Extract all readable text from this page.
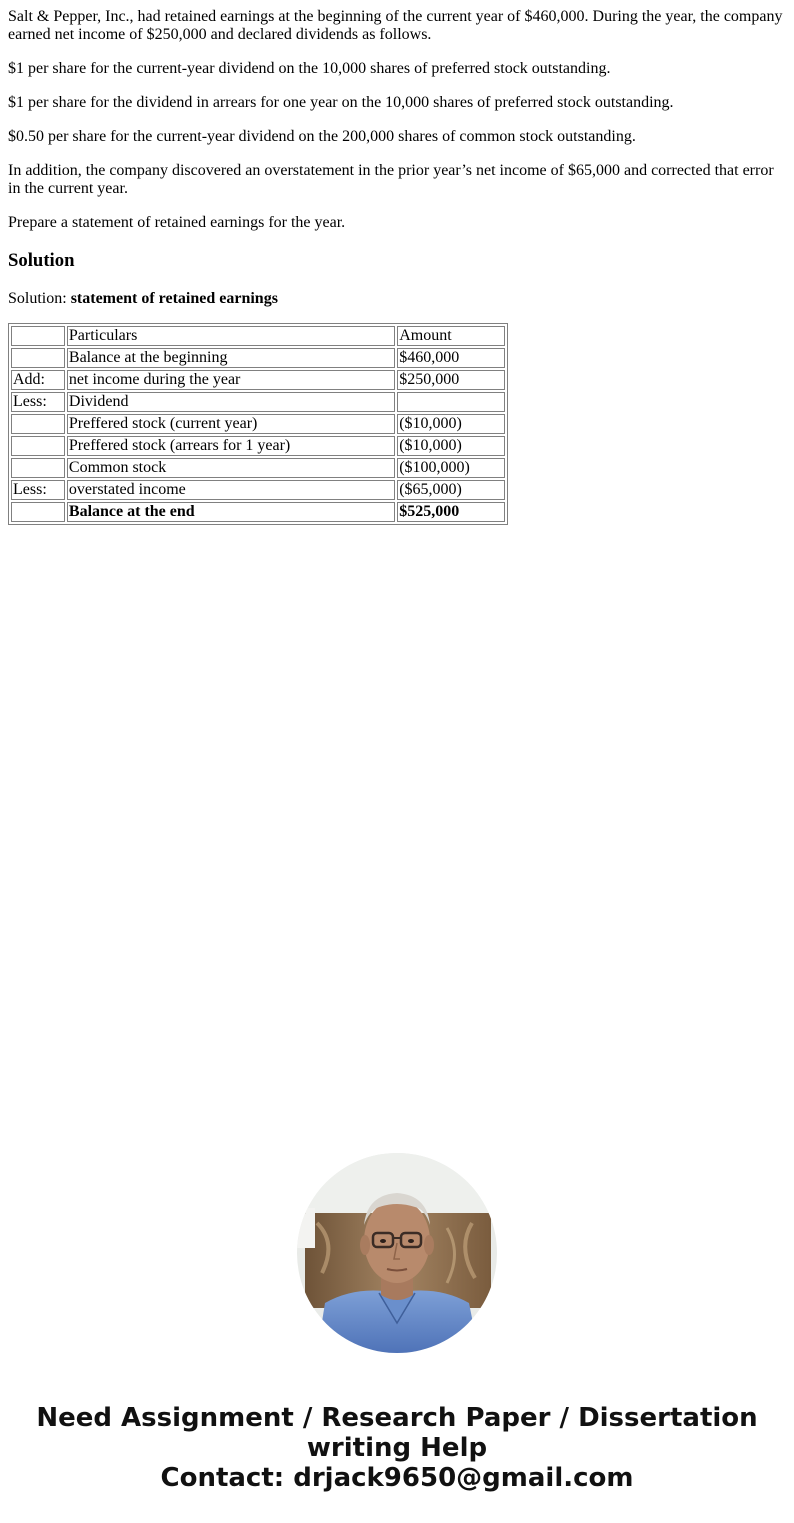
Salt & Pepper, Inc., had retained earnings at the beginning of the current year of $460,000. During the year, the company earned net income of $250,000 and declared dividends as follows.

$1 per share for the current-year dividend on the 10,000 shares of preferred stock outstanding.

$1 per share for the dividend in arrears for one year on the 10,000 shares of preferred stock outstanding.

$0.50 per share for the current-year dividend on the 200,000 shares of common stock outstanding.

In addition, the company discovered an overstatement in the prior year’s net income of $65,000 and corrected that error in the current year.

Prepare a statement of retained earnings for the year.

Solution

Solution: statement of retained earnings

	Particulars	Amount
	Balance at the beginning	$460,000
Add:	net income during the year	$250,000
Less:	Dividend	
	Preffered stock (current year)	($10,000)
	Preffered stock (arrears for 1 year)	($10,000)
	Common stock	($100,000)
Less:	overstated income	($65,000)
	Balance at the end	$525,000
Need Assignment / Research Paper / Dissertation
writing Help
Contact: drjack9650@gmail.com
